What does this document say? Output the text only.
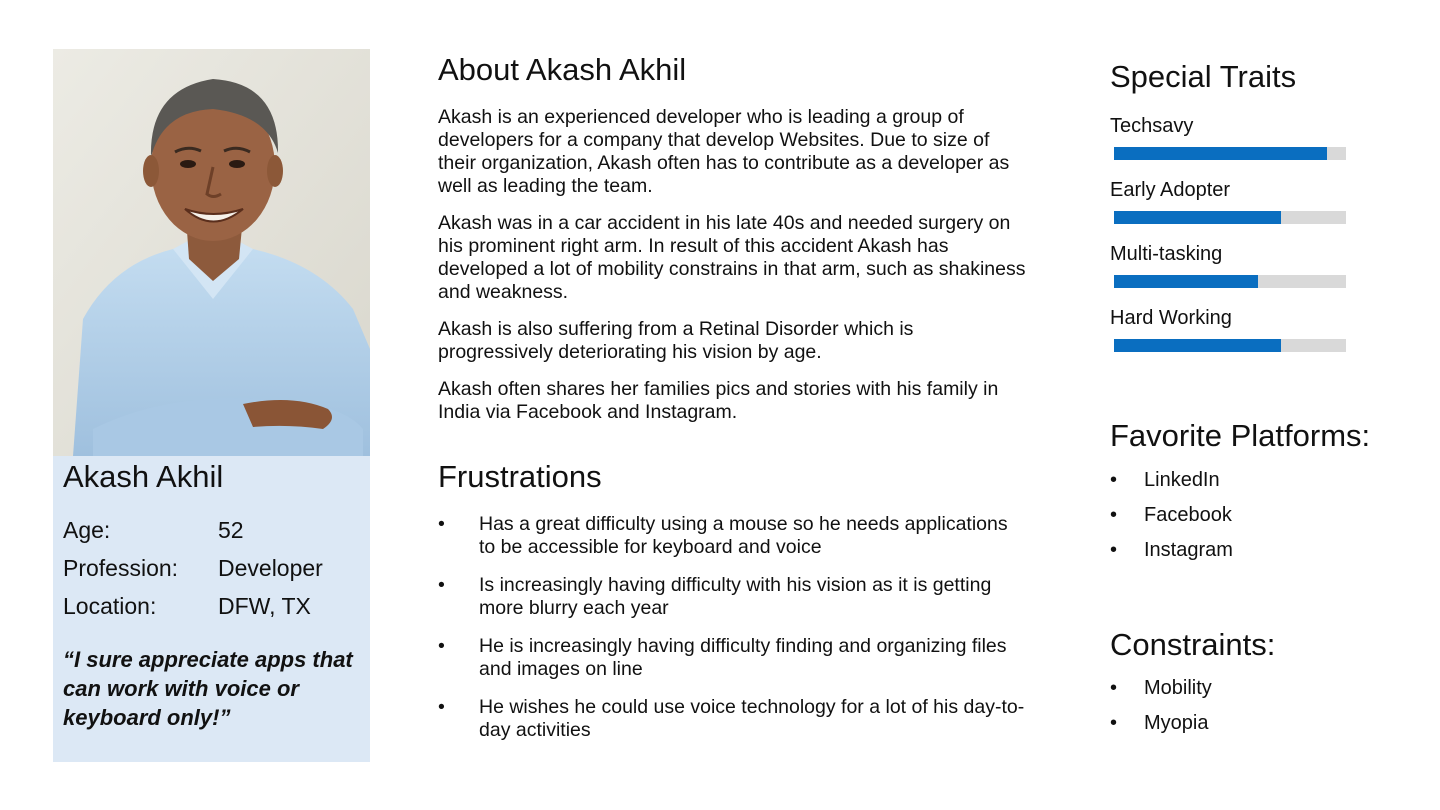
Akash Akhil
Age:	52
Profession:	Developer
Location:	DFW, TX

“I sure appreciate apps that can work with voice or keyboard only!”

About Akash Akhil

Akash is an experienced developer who is leading a group of developers for a company that develop Websites. Due to size of their organization, Akash often has to contribute as a developer as well as leading the team.

Akash was in a car accident in his late 40s and needed surgery on his prominent right arm. In result of this accident Akash has developed a lot of mobility constrains in that arm, such as shakiness and weakness.

Akash is also suffering from a Retinal Disorder which is progressively deteriorating his vision by age.

Akash often shares her families pics and stories with his family in India via Facebook and Instagram.

Frustrations
• Has a great difficulty using a mouse so he needs applications to be accessible for keyboard and voice
• Is increasingly having difficulty with his vision as it is getting more blurry each year
• He is increasingly having difficulty finding and organizing files and images on line
• He wishes he could use voice technology for a lot of his day-to-day activities
Special Traits
Techsavy
Early Adopter
Multi-tasking
Hard Working
Favorite Platforms:
• LinkedIn
• Facebook
• Instagram
Constraints:
• Mobility
• Myopia
